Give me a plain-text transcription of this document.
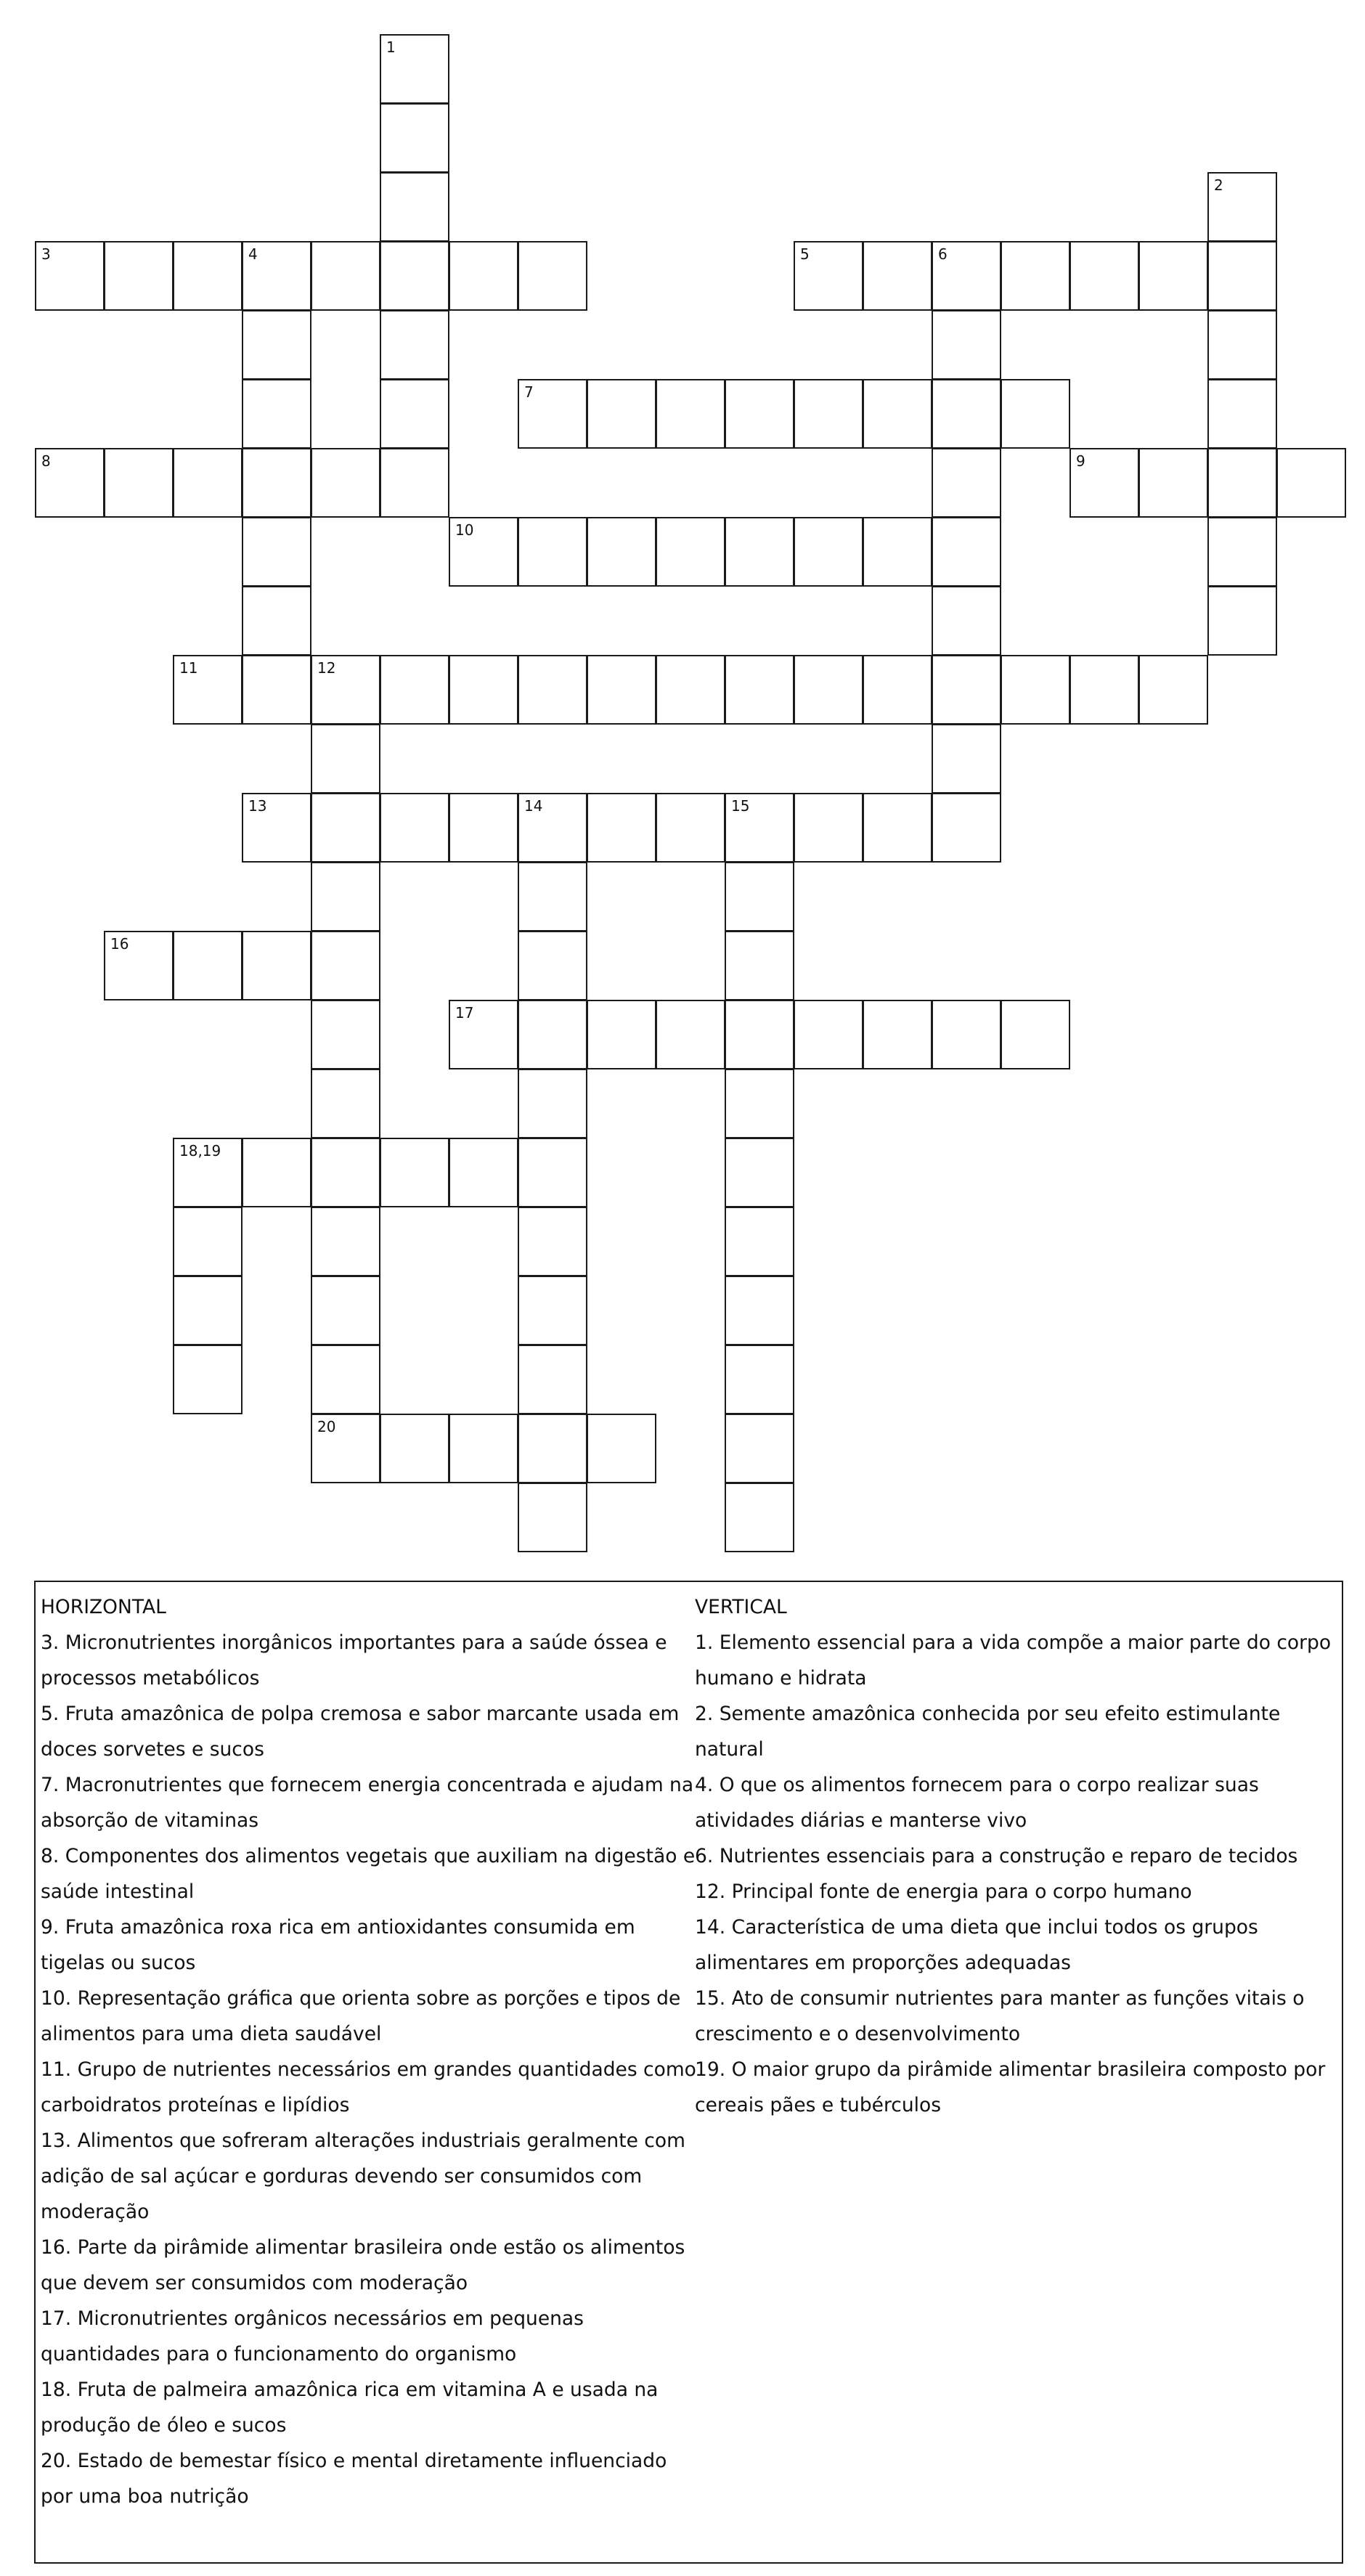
1
2
3	4	5	6
7
8	9
10
11	12
20
13	14	15
16
17
18,19
HORIZONTAL
3. Micronutrientes inorgânicos importantes para a saúde óssea e processos metabólicos
5. Fruta amazônica de polpa cremosa e sabor marcante usada em doces sorvetes e sucos
7. Macronutrientes que fornecem energia concentrada e ajudam na absorção de vitaminas
8. Componentes dos alimentos vegetais que auxiliam na digestão e saúde intestinal
9. Fruta amazônica roxa rica em antioxidantes consumida em tigelas ou sucos
10. Representação gráfica que orienta sobre as porções e tipos de alimentos para uma dieta saudável
11. Grupo de nutrientes necessários em grandes quantidades como carboidratos proteínas e lipídios
13. Alimentos que sofreram alterações industriais geralmente com adição de sal açúcar e gorduras devendo ser consumidos com moderação
16. Parte da pirâmide alimentar brasileira onde estão os alimentos que devem ser consumidos com moderação
17. Micronutrientes orgânicos necessários em pequenas quantidades para o funcionamento do organismo
18. Fruta de palmeira amazônica rica em vitamina A e usada na produção de óleo e sucos
20. Estado de bemestar físico e mental diretamente influenciado por uma boa nutrição
VERTICAL
1. Elemento essencial para a vida compõe a maior parte do corpo humano e hidrata
2. Semente amazônica conhecida por seu efeito estimulante natural
4. O que os alimentos fornecem para o corpo realizar suas atividades diárias e manterse vivo
6. Nutrientes essenciais para a construção e reparo de tecidos
12. Principal fonte de energia para o corpo humano
14. Característica de uma dieta que inclui todos os grupos alimentares em proporções adequadas
15. Ato de consumir nutrientes para manter as funções vitais o crescimento e o desenvolvimento
19. O maior grupo da pirâmide alimentar brasileira composto por cereais pães e tubérculos
